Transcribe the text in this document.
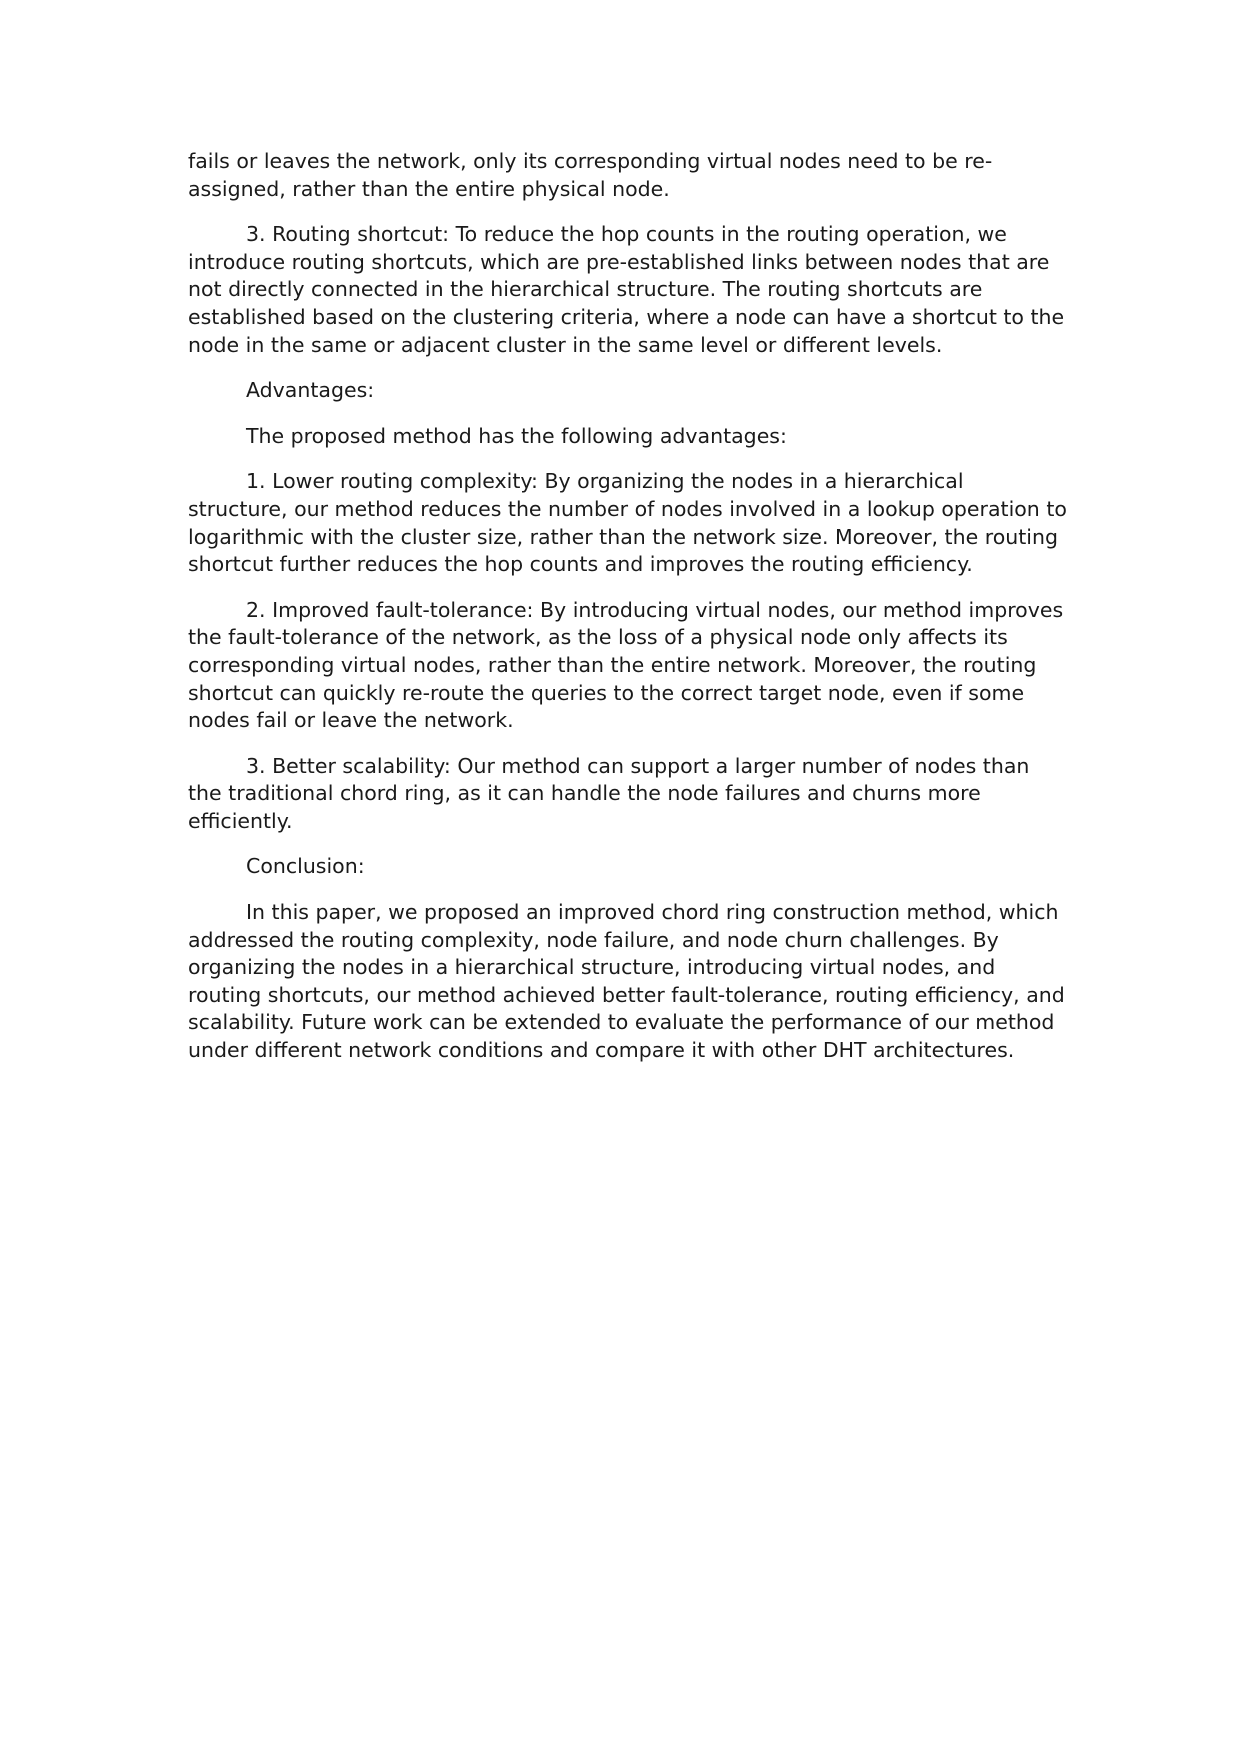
fails or leaves the network, only its corresponding virtual nodes need to be re-assigned, rather than the entire physical node.

3. Routing shortcut: To reduce the hop counts in the routing operation, we introduce routing shortcuts, which are pre-established links between nodes that are not directly connected in the hierarchical structure. The routing shortcuts are established based on the clustering criteria, where a node can have a shortcut to the node in the same or adjacent cluster in the same level or different levels.

Advantages:

The proposed method has the following advantages:

1. Lower routing complexity: By organizing the nodes in a hierarchical structure, our method reduces the number of nodes involved in a lookup operation to logarithmic with the cluster size, rather than the network size. Moreover, the routing shortcut further reduces the hop counts and improves the routing efficiency.

2. Improved fault-tolerance: By introducing virtual nodes, our method improves the fault-tolerance of the network, as the loss of a physical node only affects its corresponding virtual nodes, rather than the entire network. Moreover, the routing shortcut can quickly re-route the queries to the correct target node, even if some nodes fail or leave the network.

3. Better scalability: Our method can support a larger number of nodes than the traditional chord ring, as it can handle the node failures and churns more efficiently.

Conclusion:

In this paper, we proposed an improved chord ring construction method, which addressed the routing complexity, node failure, and node churn challenges. By organizing the nodes in a hierarchical structure, introducing virtual nodes, and routing shortcuts, our method achieved better fault-tolerance, routing efficiency, and scalability. Future work can be extended to evaluate the performance of our method under different network conditions and compare it with other DHT architectures.
